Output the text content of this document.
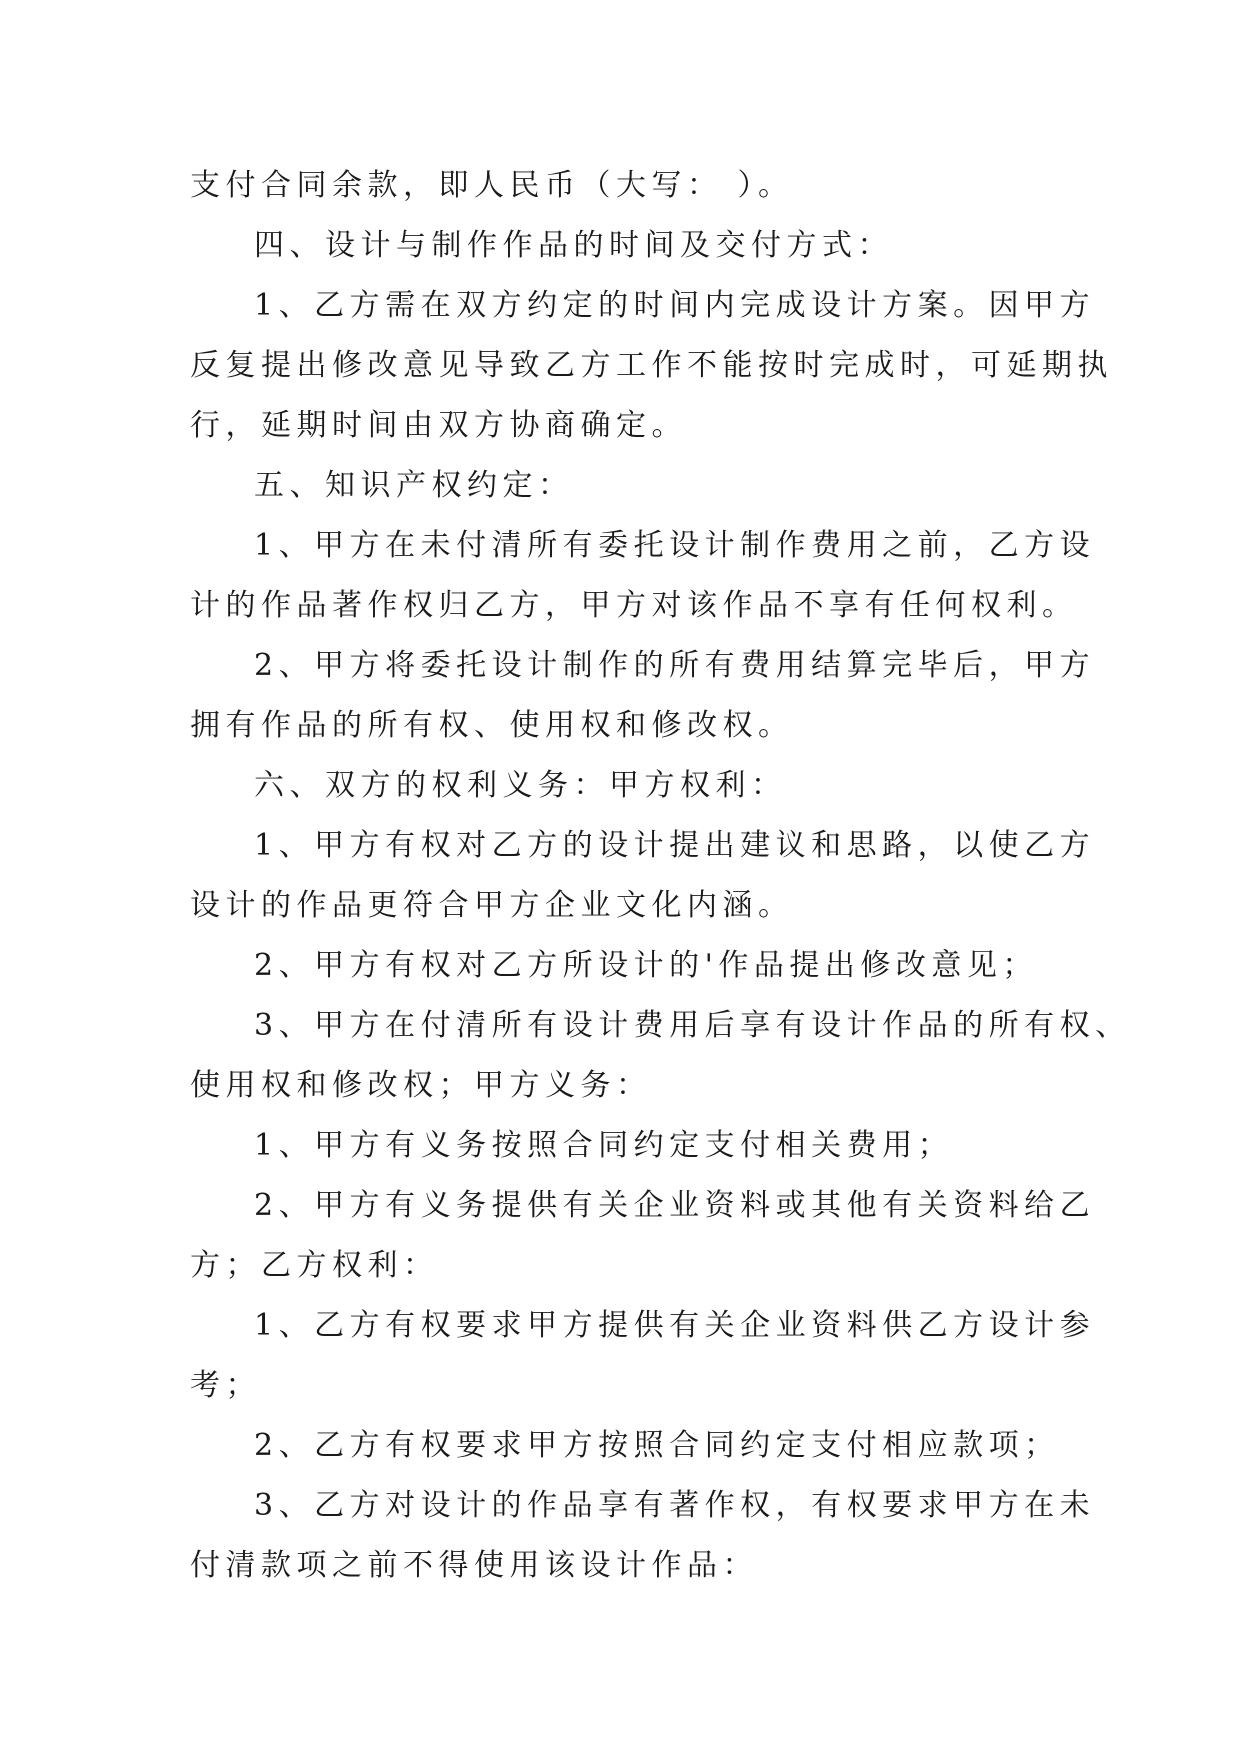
支付合同余款，即人民币（大写： ）。
四、设计与制作作品的时间及交付方式：
1、乙方需在双方约定的时间内完成设计方案。因甲方
反复提出修改意见导致乙方工作不能按时完成时，可延期执
行，延期时间由双方协商确定。
五、知识产权约定：
1、甲方在未付清所有委托设计制作费用之前，乙方设
计的作品著作权归乙方，甲方对该作品不享有任何权利。
2、甲方将委托设计制作的所有费用结算完毕后，甲方
拥有作品的所有权、使用权和修改权。
六、双方的权利义务：甲方权利：
1、甲方有权对乙方的设计提出建议和思路，以使乙方
设计的作品更符合甲方企业文化内涵。
2、甲方有权对乙方所设计的'作品提出修改意见；
3、甲方在付清所有设计费用后享有设计作品的所有权、
使用权和修改权；甲方义务：
1、甲方有义务按照合同约定支付相关费用；
2、甲方有义务提供有关企业资料或其他有关资料给乙
方；乙方权利：
1、乙方有权要求甲方提供有关企业资料供乙方设计参
考；
2、乙方有权要求甲方按照合同约定支付相应款项；
3、乙方对设计的作品享有著作权，有权要求甲方在未
付清款项之前不得使用该设计作品：
